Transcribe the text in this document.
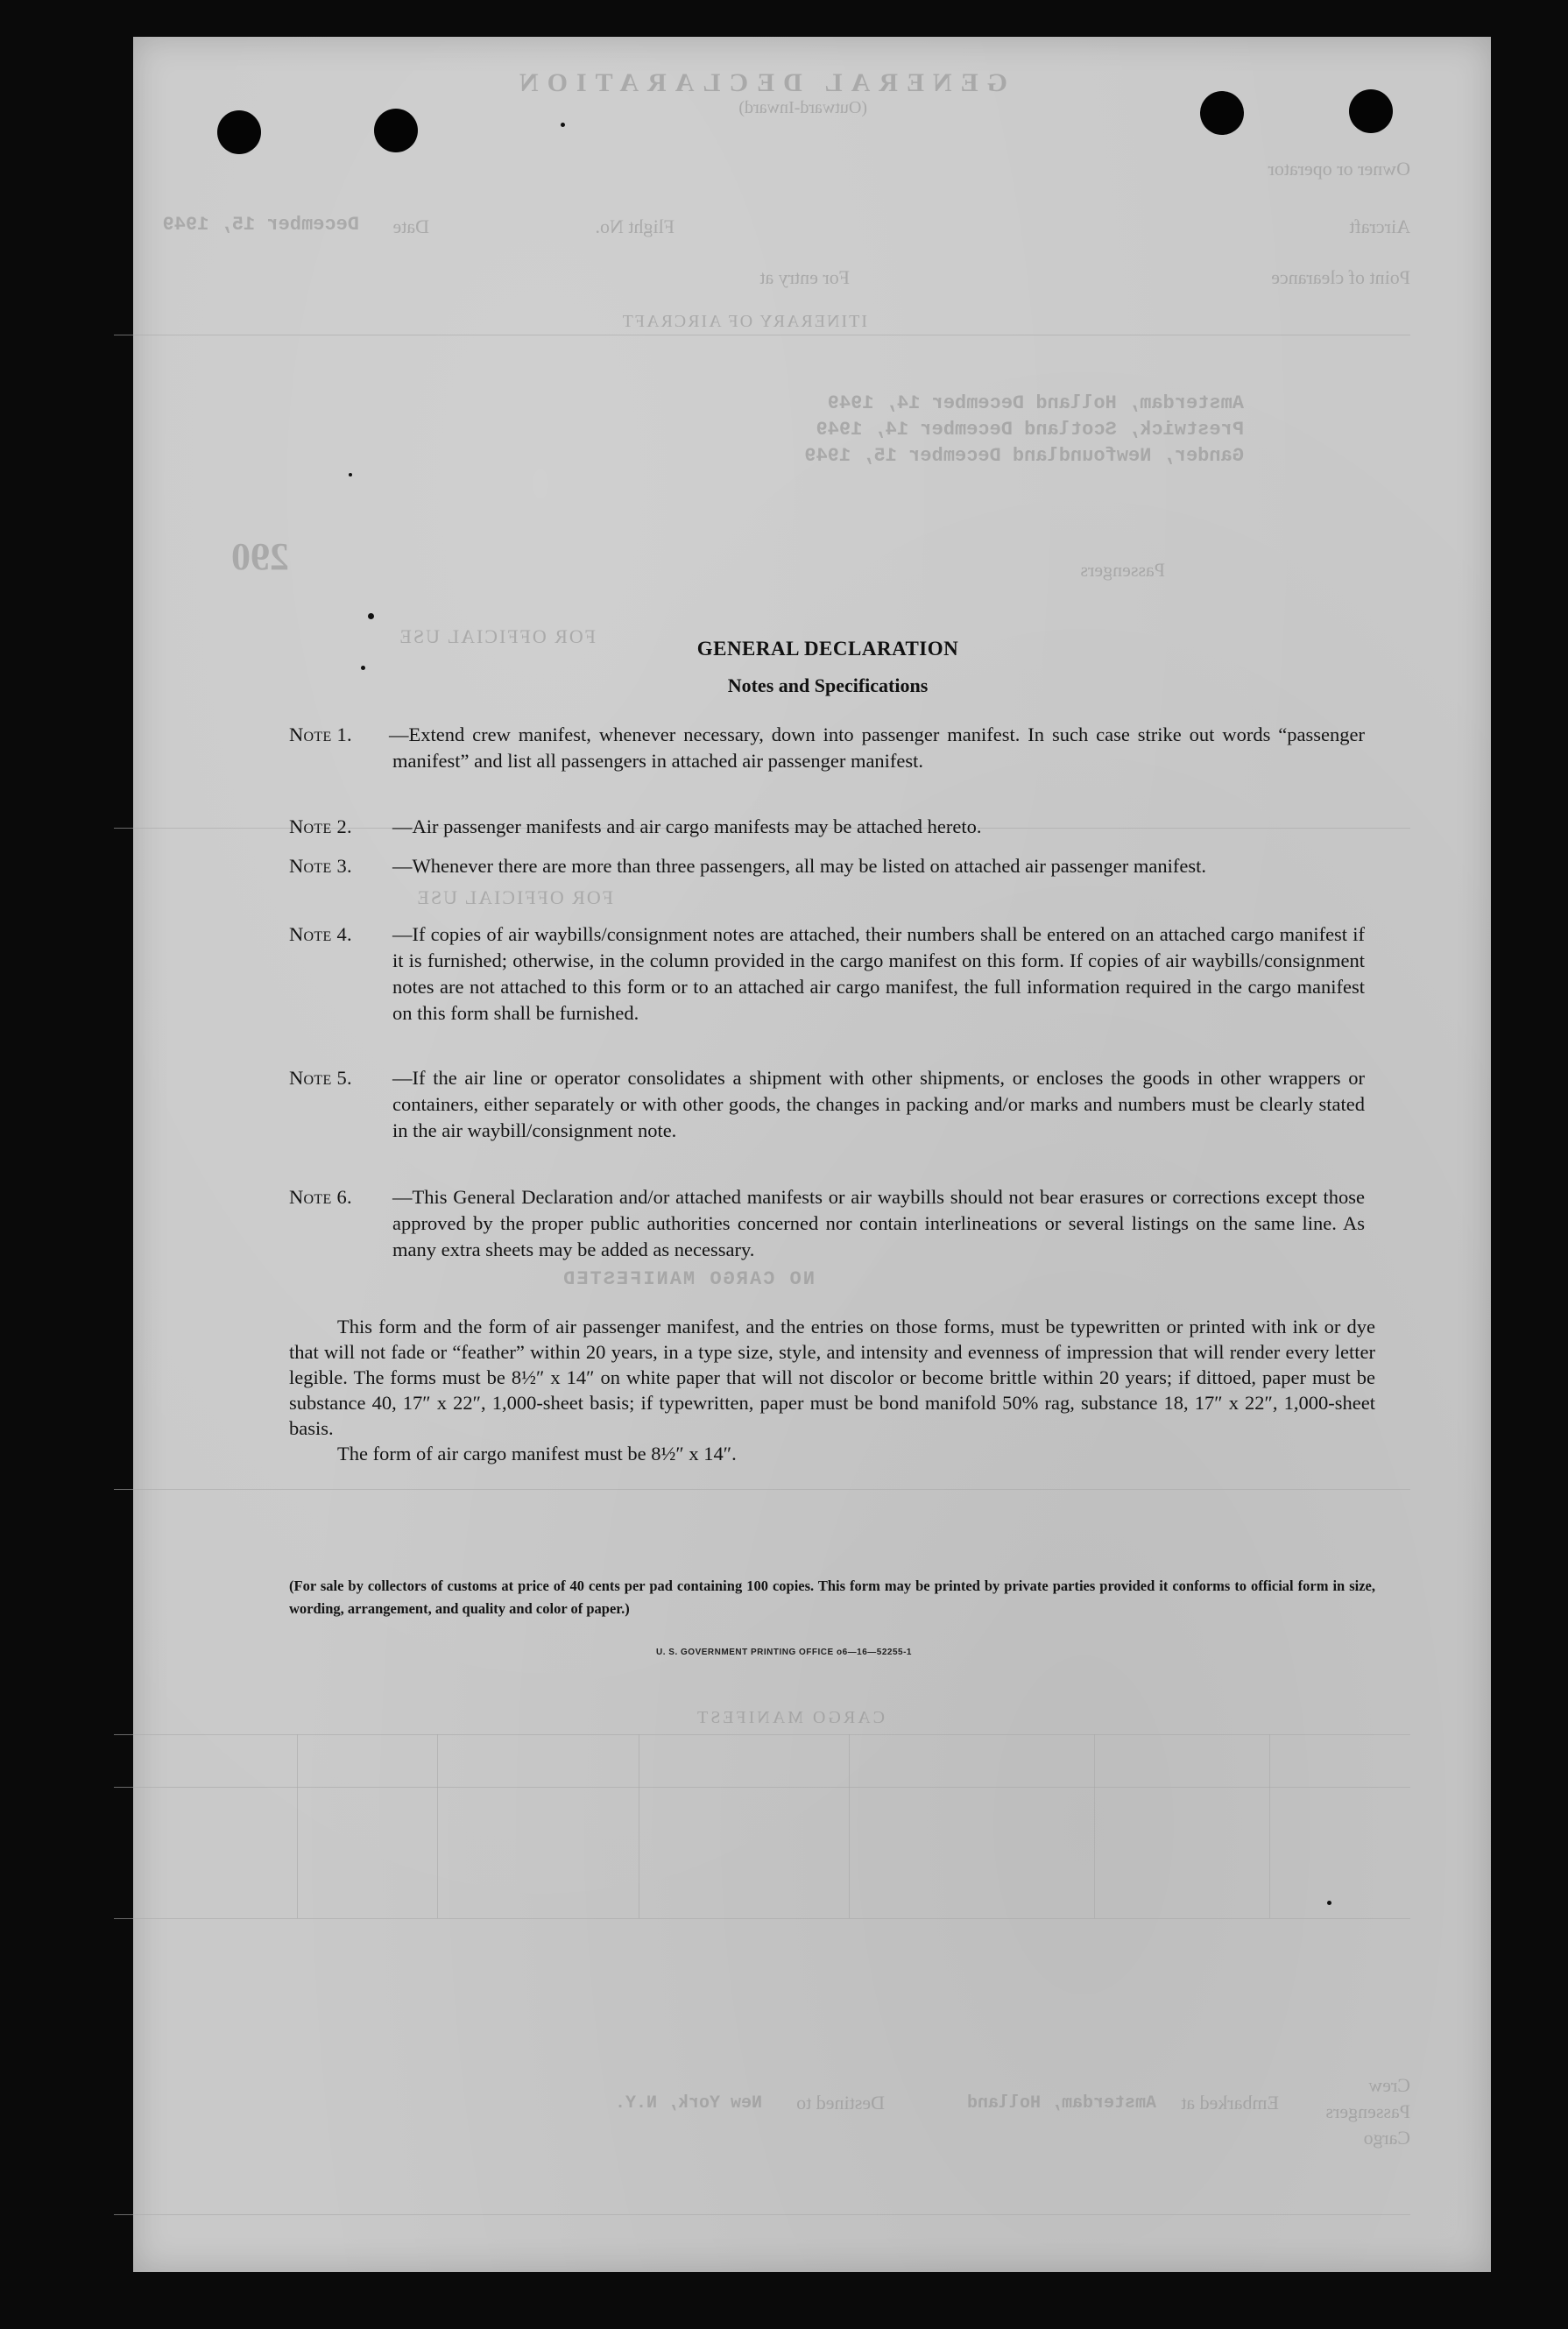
GENERAL DECLARATION
(Outward-Inward)
Owner or operator
Aircraft
Flight No.
Date
December 15, 1949
Point of clearance
For entry at
ITINERARY OF AIRCRAFT
Amsterdam, Holland December 14, 1949
Prestwick, Scotland December 14, 1949
Gander, Newfoundland December 15, 1949
290	Passengers
FOR OFFICIAL USE
FOR OFFICIAL USE
NO CARGO MANIFESTED
CARGO MANIFEST
Crew
Passengers
Cargo
Embarked at
Amsterdam, Holland
Destined to
New York, N.Y.
GENERAL DECLARATION
Notes and Specifications
Note 1. —Extend crew manifest, whenever necessary, down into passenger manifest. In such case strike out words “passenger manifest” and list all passengers in attached air passenger manifest.
Note 2. —Air passenger manifests and air cargo manifests may be attached hereto.
Note 3. —Whenever there are more than three passengers, all may be listed on attached air passenger manifest.
Note 4. —If copies of air waybills/consignment notes are attached, their numbers shall be entered on an attached cargo manifest if it is furnished; otherwise, in the column provided in the cargo manifest on this form. If copies of air waybills/consignment notes are not attached to this form or to an attached air cargo manifest, the full information required in the cargo manifest on this form shall be furnished.
Note 5. —If the air line or operator consolidates a shipment with other shipments, or encloses the goods in other wrappers or containers, either separately or with other goods, the changes in packing and/or marks and numbers must be clearly stated in the air waybill/consignment note.
Note 6. —This General Declaration and/or attached manifests or air waybills should not bear erasures or corrections except those approved by the proper public authorities concerned nor contain interlineations or several listings on the same line. As many extra sheets may be added as necessary.
This form and the form of air passenger manifest, and the entries on those forms, must be typewritten or printed with ink or dye that will not fade or “feather” within 20 years, in a type size, style, and intensity and evenness of impression that will render every letter legible. The forms must be 8½″ x 14″ on white paper that will not discolor or become brittle within 20 years; if dittoed, paper must be substance 40, 17″ x 22″, 1,000-sheet basis; if typewritten, paper must be bond manifold 50% rag, substance 18, 17″ x 22″, 1,000-sheet basis.
The form of air cargo manifest must be 8½″ x 14″.
(For sale by collectors of customs at price of 40 cents per pad containing 100 copies. This form may be printed by private parties provided it conforms to official form in size, wording, arrangement, and quality and color of paper.)
U. S. GOVERNMENT PRINTING OFFICE o6—16—52255-1
